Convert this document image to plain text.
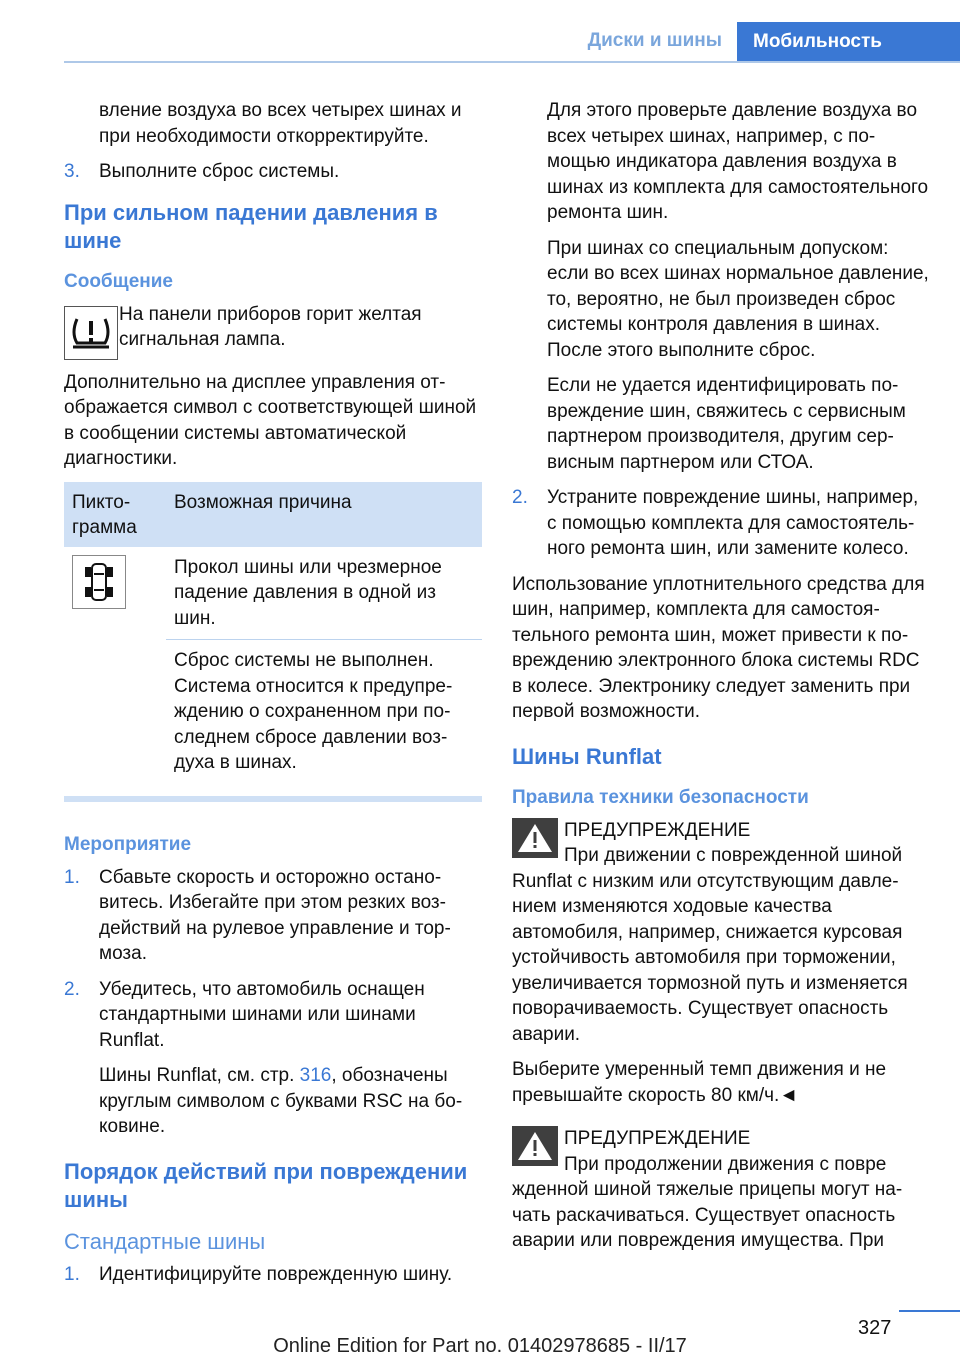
Диски и шины	Мобильность

вление воздуха во всех четырех шинах и при необходимости откорректируйте.

3. Выполните сброс системы.
При сильном падении давления в шине
Сообщение
На панели приборов горит желтая сигнальная лампа.

Дополнительно на дисплее управления отображается символ с соответствующей шиной в сообщении системы автоматической диагностики.

Пиктограмма	Возможная причина

	Прокол шины или чрезмерное падение давления в одной из шин.
	Сброс системы не выполнен. Система относится к предупреждению о сохраненном при последнем сбросе давлении воздуха в шинах.
Мероприятие
1. Сбавьте скорость и осторожно остановитесь. Избегайте при этом резких воздействий на рулевое управление и тормоза.
2. Убедитесь, что автомобиль оснащен стандартными шинами или шинами Runflat.

Шины Runflat, см. стр. 316, обозначены круглым символом с буквами RSC на боковине.

Порядок действий при повреждении шины
Стандартные шины
1. Идентифицируйте поврежденную шину.

Для этого проверьте давление воздуха во всех четырех шинах, например, с помощью индикатора давления воздуха в шинах из комплекта для самостоятельного ремонта шин.

При шинах со специальным допуском: если во всех шинах нормальное давление, то, вероятно, не был произведен сброс системы контроля давления в шинах. После этого выполните сброс.

Если не удается идентифицировать повреждение шин, свяжитесь с сервисным партнером производителя, другим сервисным партнером или СТОА.

2. Устраните повреждение шины, например, с помощью комплекта для самостоятельного ремонта шин, или замените колесо.

Использование уплотнительного средства для шин, например, комплекта для самостоятельного ремонта шин, может привести к повреждению электронного блока системы RDC в колесе. Электронику следует заменить при первой возможности.

Шины Runflat
Правила техники безопасности
ПРЕДУПРЕЖДЕНИЕ
При движении с поврежденной шиной

Runflat с низким или отсутствующим давлением изменяются ходовые качества автомобиля, например, снижается курсовая устойчивость автомобиля при торможении, увеличивается тормозной путь и изменяется поворачиваемость. Существует опасность аварии.

Выберите умеренный темп движения и не превышайте скорость 80 км/ч.◄

ПРЕДУПРЕЖДЕНИЕ
При продолжении движения с повре

жденной шиной тяжелые прицепы могут начать раскачиваться. Существует опасность аварии или повреждения имущества. При

327
Online Edition for Part no. 01402978685 - II/17
